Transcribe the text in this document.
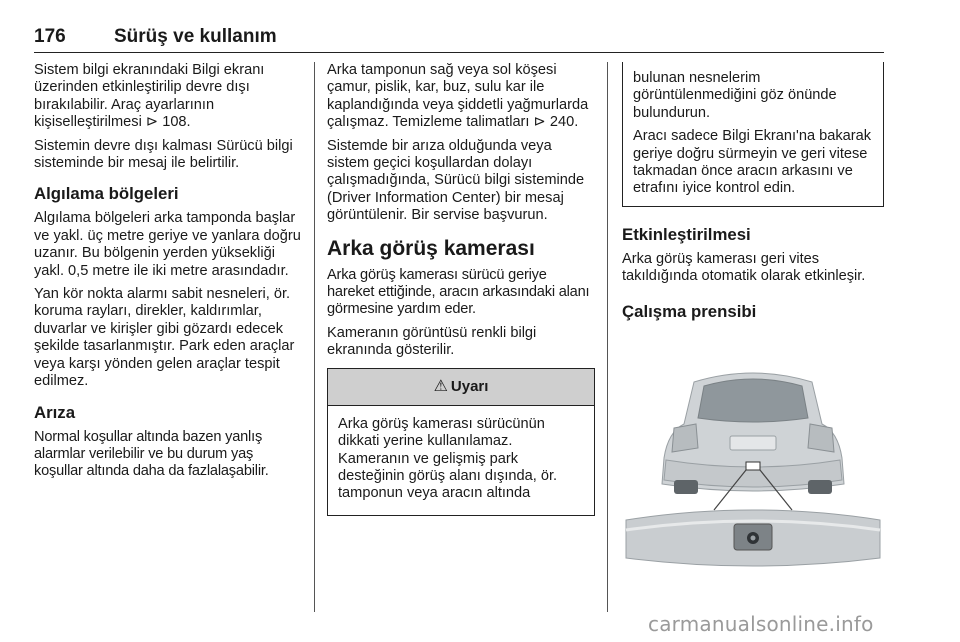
176	Sürüş ve kullanım

Sistem bilgi ekranındaki Bilgi ekranı üzerinden etkinleştirilip devre dışı bırakılabilir. Araç ayarlarının kişiselleştirilmesi ⊳ 108.

Sistemin devre dışı kalması Sürücü bilgi sisteminde bir mesaj ile belirtilir.

Algılama bölgeleri

Algılama bölgeleri arka tamponda başlar ve yakl. üç metre geriye ve yanlara doğru uzanır. Bu bölgenin yerden yüksekliği yakl. 0,5 metre ile iki metre arasındadır.

Yan kör nokta alarmı sabit nesneleri, ör. koruma rayları, direkler, kaldırımlar, duvarlar ve kirişler gibi gözardı edecek şekilde tasarlanmıştır. Park eden araçlar veya karşı yönden gelen araçlar tespit edilmez.

Arıza

Normal koşullar altında bazen yanlış alarmlar verilebilir ve bu durum yaş koşullar altında daha da fazlalaşabilir.

Arka tamponun sağ veya sol köşesi çamur, pislik, kar, buz, sulu kar ile kaplandığında veya şiddetli yağmurlarda çalışmaz. Temizleme talimatları ⊳ 240.

Sistemde bir arıza olduğunda veya sistem geçici koşullardan dolayı çalışmadığında, Sürücü bilgi sisteminde (Driver Information Center) bir mesaj görüntülenir. Bir servise başvurun.

Arka görüş kamerası

Arka görüş kamerası sürücü geriye hareket ettiğinde, aracın arkasındaki alanı görmesine yardım eder.

Kameranın görüntüsü renkli bilgi ekranında gösterilir.

⚠ Uyarı
Arka görüş kamerası sürücünün dikkati yerine kullanılamaz. Kameranın ve gelişmiş park desteğinin görüş alanı dışında, ör. tamponun veya aracın altında

bulunan nesnelerim görüntülenmediğini göz önünde bulundurun.

Aracı sadece Bilgi Ekranı'na bakarak geriye doğru sürmeyin ve geri vitese takmadan önce aracın arkasını ve etrafını iyice kontrol edin.

Etkinleştirilmesi

Arka görüş kamerası geri vites takıldığında otomatik olarak etkinleşir.

Çalışma prensibi
carmanualsonline.info
